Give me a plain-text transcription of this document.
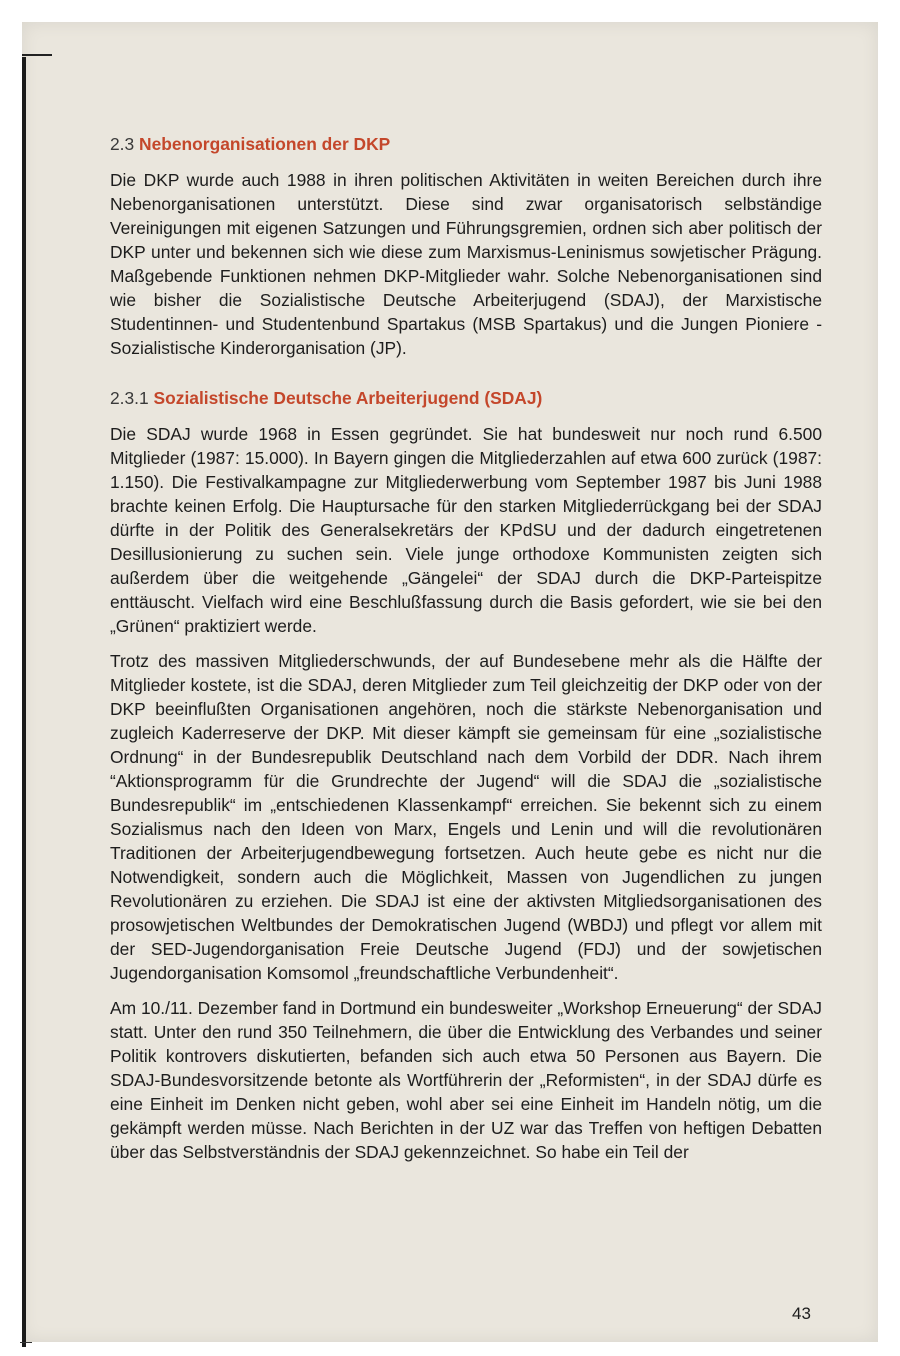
2.3 Nebenorganisationen der DKP

Die DKP wurde auch 1988 in ihren politischen Aktivitäten in weiten Bereichen durch ihre Nebenorganisationen unterstützt. Diese sind zwar organisatorisch selbständige Vereinigungen mit eigenen Satzungen und Führungsgremien, ordnen sich aber politisch der DKP unter und bekennen sich wie diese zum Marxismus-Leninismus sowjetischer Prägung. Maßgebende Funktionen nehmen DKP-Mitglieder wahr. Solche Nebenorganisationen sind wie bisher die Sozialistische Deutsche Arbeiterjugend (SDAJ), der Marxistische Studentinnen- und Studentenbund Spartakus (MSB Spartakus) und die Jungen Pioniere - Sozialistische Kinderorganisation (JP).

2.3.1 Sozialistische Deutsche Arbeiterjugend (SDAJ)

Die SDAJ wurde 1968 in Essen gegründet. Sie hat bundesweit nur noch rund 6.500 Mitglieder (1987: 15.000). In Bayern gingen die Mitgliederzahlen auf etwa 600 zurück (1987: 1.150). Die Festivalkampagne zur Mitgliederwerbung vom September 1987 bis Juni 1988 brachte keinen Erfolg. Die Hauptursache für den starken Mitgliederrückgang bei der SDAJ dürfte in der Politik des Generalsekretärs der KPdSU und der dadurch eingetretenen Desillusionierung zu suchen sein. Viele junge orthodoxe Kommunisten zeigten sich außerdem über die weitgehende „Gängelei“ der SDAJ durch die DKP-Parteispitze enttäuscht. Vielfach wird eine Beschlußfassung durch die Basis gefordert, wie sie bei den „Grünen“ praktiziert werde.

Trotz des massiven Mitgliederschwunds, der auf Bundesebene mehr als die Hälfte der Mitglieder kostete, ist die SDAJ, deren Mitglieder zum Teil gleichzeitig der DKP oder von der DKP beeinflußten Organisationen angehören, noch die stärkste Nebenorganisation und zugleich Kaderreserve der DKP. Mit dieser kämpft sie gemeinsam für eine „sozialistische Ordnung“ in der Bundesrepublik Deutschland nach dem Vorbild der DDR. Nach ihrem “Aktionsprogramm für die Grundrechte der Jugend“ will die SDAJ die „sozialistische Bundesrepublik“ im „entschiedenen Klassenkampf“ erreichen. Sie bekennt sich zu einem Sozialismus nach den Ideen von Marx, Engels und Lenin und will die revolutionären Traditionen der Arbeiterjugendbewegung fortsetzen. Auch heute gebe es nicht nur die Notwendigkeit, sondern auch die Möglichkeit, Massen von Jugendlichen zu jungen Revolutionären zu erziehen. Die SDAJ ist eine der aktivsten Mitgliedsorganisationen des prosowjetischen Weltbundes der Demokratischen Jugend (WBDJ) und pflegt vor allem mit der SED-Jugendorganisation Freie Deutsche Jugend (FDJ) und der sowjetischen Jugendorganisation Komsomol „freundschaftliche Verbundenheit“.

Am 10./11. Dezember fand in Dortmund ein bundesweiter „Workshop Erneuerung“ der SDAJ statt. Unter den rund 350 Teilnehmern, die über die Entwicklung des Verbandes und seiner Politik kontrovers diskutierten, befanden sich auch etwa 50 Personen aus Bayern. Die SDAJ-Bundesvorsitzende betonte als Wortführerin der „Reformisten“, in der SDAJ dürfe es eine Einheit im Denken nicht geben, wohl aber sei eine Einheit im Handeln nötig, um die gekämpft werden müsse. Nach Berichten in der UZ war das Treffen von heftigen Debatten über das Selbstverständnis der SDAJ gekennzeichnet. So habe ein Teil der

43
